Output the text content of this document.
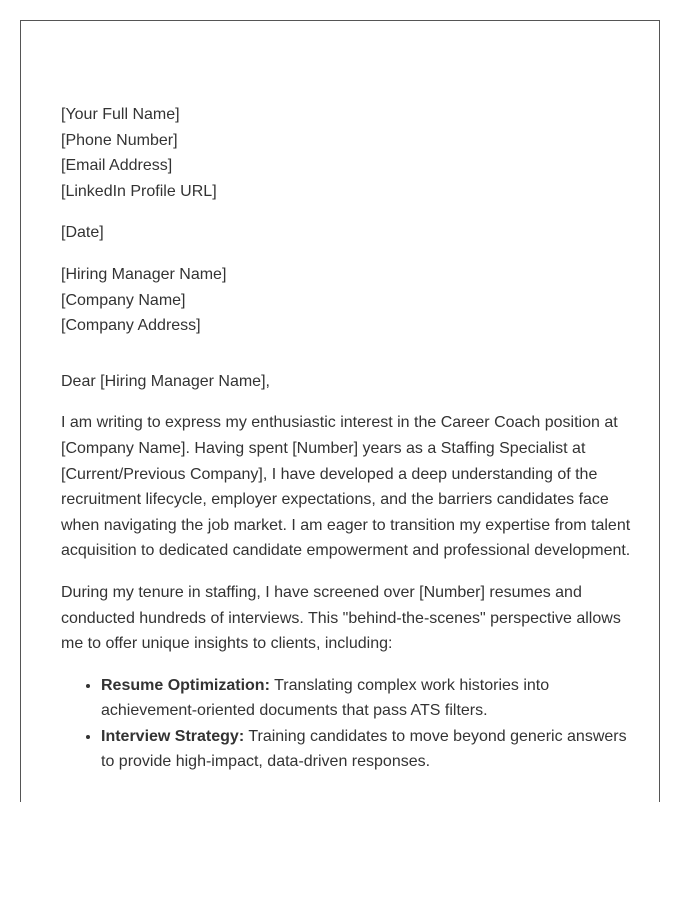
[Your Full Name]
[Phone Number]
[Email Address]
[LinkedIn Profile URL]
[Date]
[Hiring Manager Name]
[Company Name]
[Company Address]

Dear [Hiring Manager Name],

I am writing to express my enthusiastic interest in the Career Coach position at [Company Name]. Having spent [Number] years as a Staffing Specialist at [Current/Previous Company], I have developed a deep understanding of the recruitment lifecycle, employer expectations, and the barriers candidates face when navigating the job market. I am eager to transition my expertise from talent acquisition to dedicated candidate empowerment and professional development.

During my tenure in staffing, I have screened over [Number] resumes and conducted hundreds of interviews. This "behind-the-scenes" perspective allows me to offer unique insights to clients, including:

• Resume Optimization: Translating complex work histories into achievement-oriented documents that pass ATS filters.
• Interview Strategy: Training candidates to move beyond generic answers to provide high-impact, data-driven responses.
